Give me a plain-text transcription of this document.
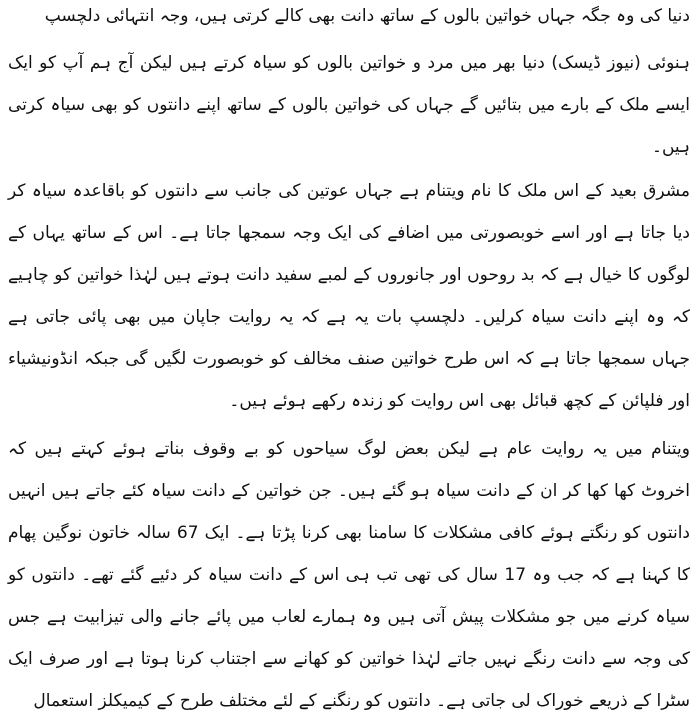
دنیا کی وہ جگہ جہاں خواتین بالوں کے ساتھ دانت بھی کالے کرتی ہیں، وجہ انتہائی دلچسپ

ہنوئی (نیوز ڈیسک) دنیا بھر میں مرد و خواتین بالوں کو سیاہ کرتے ہیں لیکن آج ہم آپ کو ایک ایسے ملک کے بارے میں بتائیں گے جہاں کی خواتین بالوں کے ساتھ اپنے دانتوں کو بھی سیاہ کرتی ہیں۔

مشرق بعید کے اس ملک کا نام ویتنام ہے جہاں عوتین کی جانب سے دانتوں کو باقاعدہ سیاہ کر دیا جاتا ہے اور اسے خوبصورتی میں اضافے کی ایک وجہ سمجھا جاتا ہے۔ اس کے ساتھ یہاں کے لوگوں کا خیال ہے کہ بد روحوں اور جانوروں کے لمبے سفید دانت ہوتے ہیں لہٰذا خواتین کو چاہیے کہ وہ اپنے دانت سیاہ کرلیں۔ دلچسپ بات یہ ہے کہ یہ روایت جاپان میں بھی پائی جاتی ہے جہاں سمجھا جاتا ہے کہ اس طرح خواتین صنف مخالف کو خوبصورت لگیں گی جبکہ انڈونیشیاء اور فلپائن کے کچھ قبائل بھی اس روایت کو زندہ رکھے ہوئے ہیں۔

ویتنام میں یہ روایت عام ہے لیکن بعض لوگ سیاحوں کو بے وقوف بناتے ہوئے کہتے ہیں کہ اخروٹ کھا کھا کر ان کے دانت سیاہ ہو گئے ہیں۔ جن خواتین کے دانت سیاہ کئے جاتے ہیں انہیں دانتوں کو رنگتے ہوئے کافی مشکلات کا سامنا بھی کرنا پڑتا ہے۔ ایک 67 سالہ خاتون نوگین پھام کا کہنا ہے کہ جب وہ 17 سال کی تھی تب ہی اس کے دانت سیاہ کر دئیے گئے تھے۔ دانتوں کو سیاہ کرنے میں جو مشکلات پیش آتی ہیں وہ ہمارے لعاب میں پائے جانے والی تیزابیت ہے جس کی وجہ سے دانت رنگے نہیں جاتے لہٰذا خواتین کو کھانے سے اجتناب کرنا ہوتا ہے اور صرف ایک سٹرا کے ذریعے خوراک لی جاتی ہے۔ دانتوں کو رنگنے کے لئے مختلف طرح کے کیمیکلز استعمال
